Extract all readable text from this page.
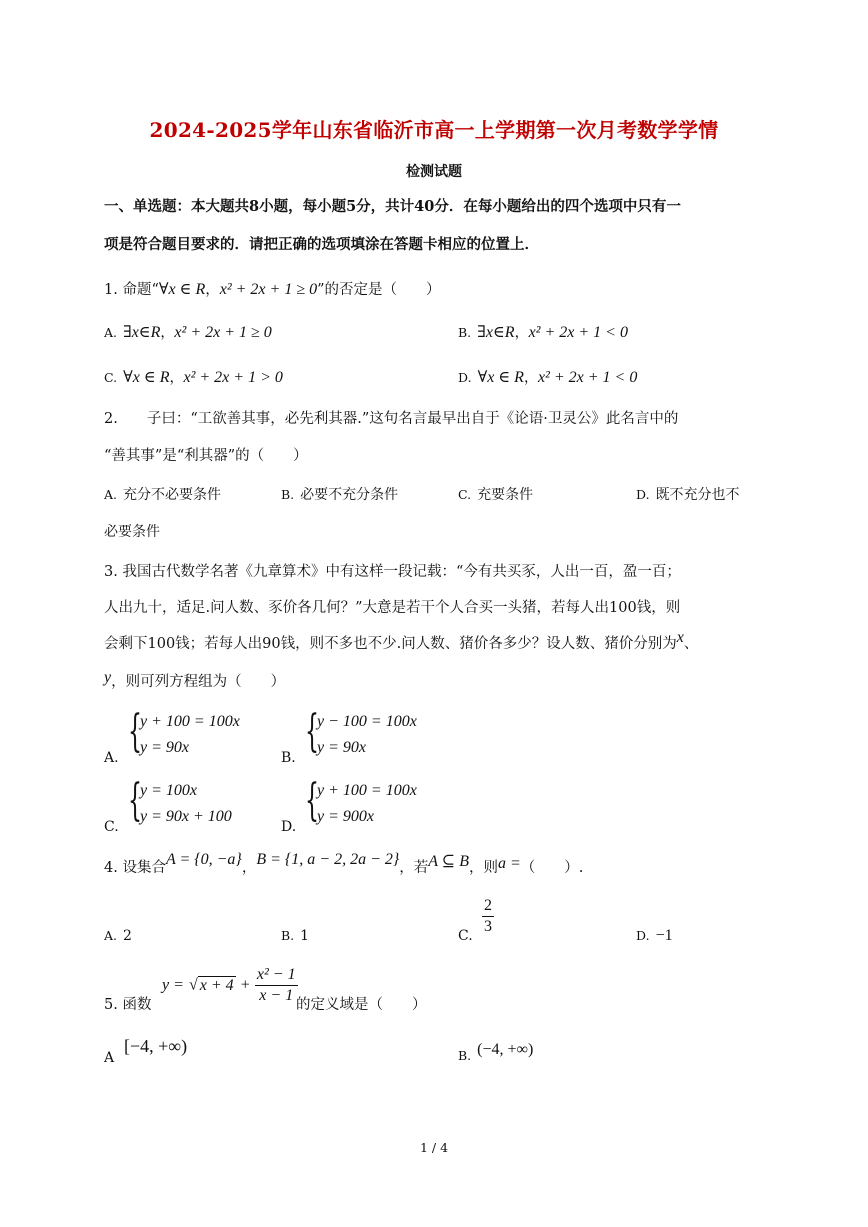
2024-2025学年山东省临沂市高一上学期第一次月考数学学情
检测试题
一、单选题：本大题共8小题，每小题5分，共计40分．在每小题给出的四个选项中只有一
项是符合题目要求的．请把正确的选项填涂在答题卡相应的位置上．
1. 命题“∀x ∈ R，x² + 2x + 1 ≥ 0”的否定是（　　）
A. ∃x∈R，x² + 2x + 1 ≥ 0	B. ∃x∈R，x² + 2x + 1 < 0
C. ∀x ∈ R，x² + 2x + 1 > 0	D. ∀x ∈ R，x² + 2x + 1 < 0
2.　　子曰：“工欲善其事，必先利其器.”这句名言最早出自于《论语·卫灵公》此名言中的
“善其事”是“利其器”的（　　）
A. 充分不必要条件	B. 必要不充分条件	C. 充要条件	D. 既不充分也不
必要条件
3. 我国古代数学名著《九章算术》中有这样一段记载：“今有共买豕，人出一百，盈一百；
人出九十，适足.问人数、豕价各几何？”大意是若干个人合买一头猪，若每人出100钱，则
会剩下100钱；若每人出90钱，则不多也不少.问人数、猪价各多少？设人数、猪价分别为x、
y，则可列方程组为（　　）
A.
{
y + 100 = 100x
y = 90x
B.
{
y − 100 = 100x
y = 90x
C.
{
y = 100x
y = 90x + 100
D.
{
y + 100 = 100x
y = 900x
4. 设集合A = {0, −a}，B = {1, a − 2, 2a − 2}，若A ⊆ B，则a =（　　）.
A. 2	B. 1	C. $\frac{2}{3}$	D. −1
5. 函数
y = √ $x + 4 + \frac{\text{x² − 1}}{x - 1}$
的定义域是（　　）
A
[−4, +∞)	B. (−4, +∞)
1 / 4
